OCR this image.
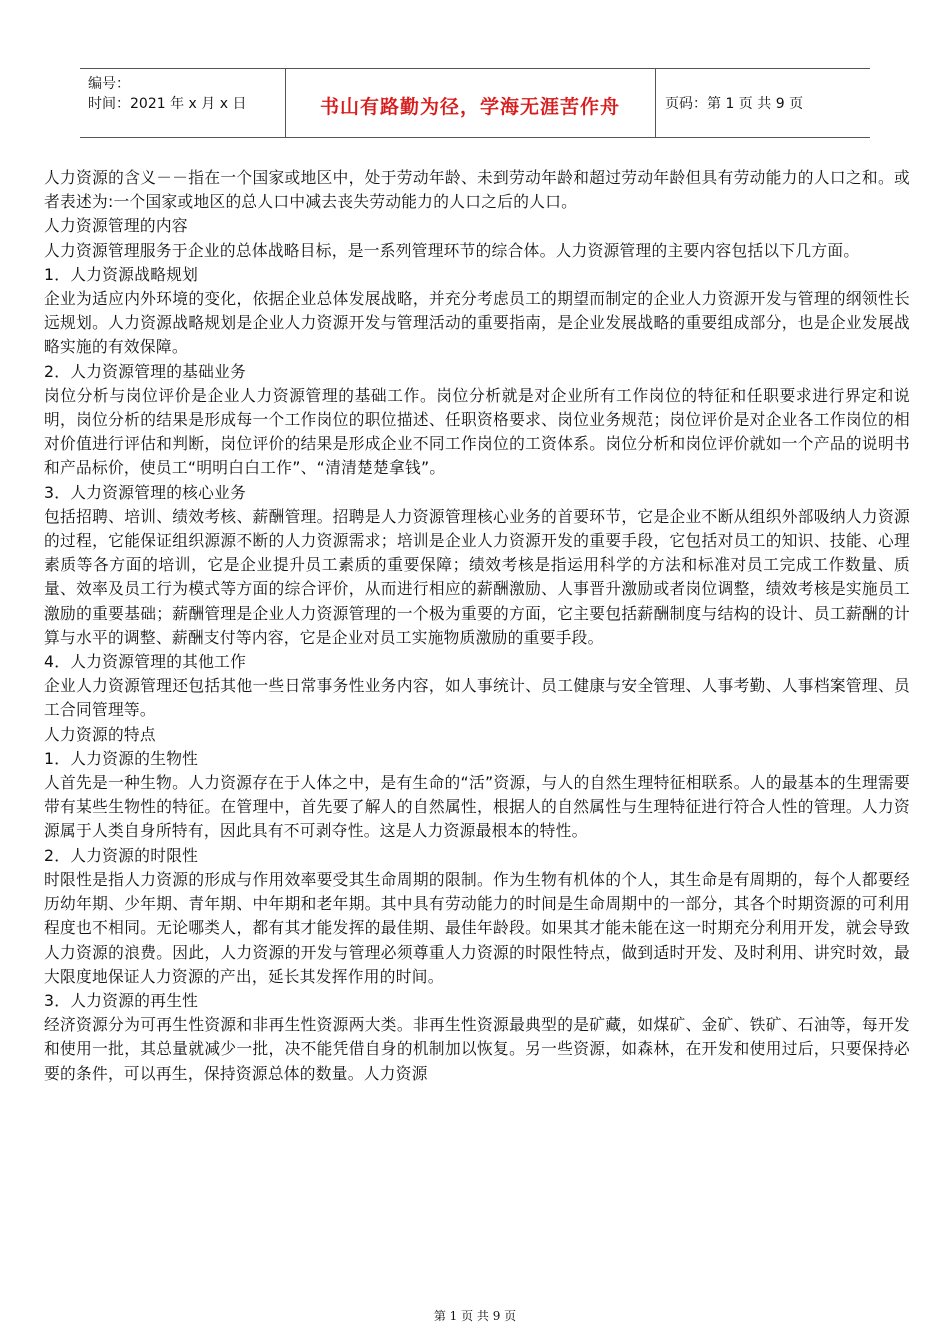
编号：
时间：2021 年 x 月 x 日	书山有路勤为径，学海无涯苦作舟	页码：第 1 页 共 9 页

人力资源的含义－－指在一个国家或地区中，处于劳动年龄、未到劳动年龄和超过劳动年龄但具有劳动能力的人口之和。或者表述为:一个国家或地区的总人口中减去丧失劳动能力的人口之后的人口。

人力资源管理的内容

人力资源管理服务于企业的总体战略目标，是一系列管理环节的综合体。人力资源管理的主要内容包括以下几方面。

1．人力资源战略规划

企业为适应内外环境的变化，依据企业总体发展战略，并充分考虑员工的期望而制定的企业人力资源开发与管理的纲领性长远规划。人力资源战略规划是企业人力资源开发与管理活动的重要指南，是企业发展战略的重要组成部分，也是企业发展战略实施的有效保障。

2．人力资源管理的基础业务

岗位分析与岗位评价是企业人力资源管理的基础工作。岗位分析就是对企业所有工作岗位的特征和任职要求进行界定和说明，岗位分析的结果是形成每一个工作岗位的职位描述、任职资格要求、岗位业务规范；岗位评价是对企业各工作岗位的相对价值进行评估和判断，岗位评价的结果是形成企业不同工作岗位的工资体系。岗位分析和岗位评价就如一个产品的说明书和产品标价，使员工“明明白白工作”、“清清楚楚拿钱”。

3．人力资源管理的核心业务

包括招聘、培训、绩效考核、薪酬管理。招聘是人力资源管理核心业务的首要环节，它是企业不断从组织外部吸纳人力资源的过程，它能保证组织源源不断的人力资源需求；培训是企业人力资源开发的重要手段，它包括对员工的知识、技能、心理素质等各方面的培训，它是企业提升员工素质的重要保障；绩效考核是指运用科学的方法和标准对员工完成工作数量、质量、效率及员工行为模式等方面的综合评价，从而进行相应的薪酬激励、人事晋升激励或者岗位调整，绩效考核是实施员工激励的重要基础；薪酬管理是企业人力资源管理的一个极为重要的方面，它主要包括薪酬制度与结构的设计、员工薪酬的计算与水平的调整、薪酬支付等内容，它是企业对员工实施物质激励的重要手段。

4．人力资源管理的其他工作

企业人力资源管理还包括其他一些日常事务性业务内容，如人事统计、员工健康与安全管理、人事考勤、人事档案管理、员工合同管理等。

人力资源的特点

1．人力资源的生物性

人首先是一种生物。人力资源存在于人体之中，是有生命的“活”资源，与人的自然生理特征相联系。人的最基本的生理需要带有某些生物性的特征。在管理中，首先要了解人的自然属性，根据人的自然属性与生理特征进行符合人性的管理。人力资源属于人类自身所特有，因此具有不可剥夺性。这是人力资源最根本的特性。

2．人力资源的时限性

时限性是指人力资源的形成与作用效率要受其生命周期的限制。作为生物有机体的个人，其生命是有周期的，每个人都要经历幼年期、少年期、青年期、中年期和老年期。其中具有劳动能力的时间是生命周期中的一部分，其各个时期资源的可利用程度也不相同。无论哪类人，都有其才能发挥的最佳期、最佳年龄段。如果其才能未能在这一时期充分利用开发，就会导致人力资源的浪费。因此，人力资源的开发与管理必须尊重人力资源的时限性特点，做到适时开发、及时利用、讲究时效，最大限度地保证人力资源的产出，延长其发挥作用的时间。

3．人力资源的再生性

经济资源分为可再生性资源和非再生性资源两大类。非再生性资源最典型的是矿藏，如煤矿、金矿、铁矿、石油等，每开发和使用一批，其总量就减少一批，决不能凭借自身的机制加以恢复。另一些资源，如森林，在开发和使用过后，只要保持必要的条件，可以再生，保持资源总体的数量。人力资源

第 1 页 共 9 页
